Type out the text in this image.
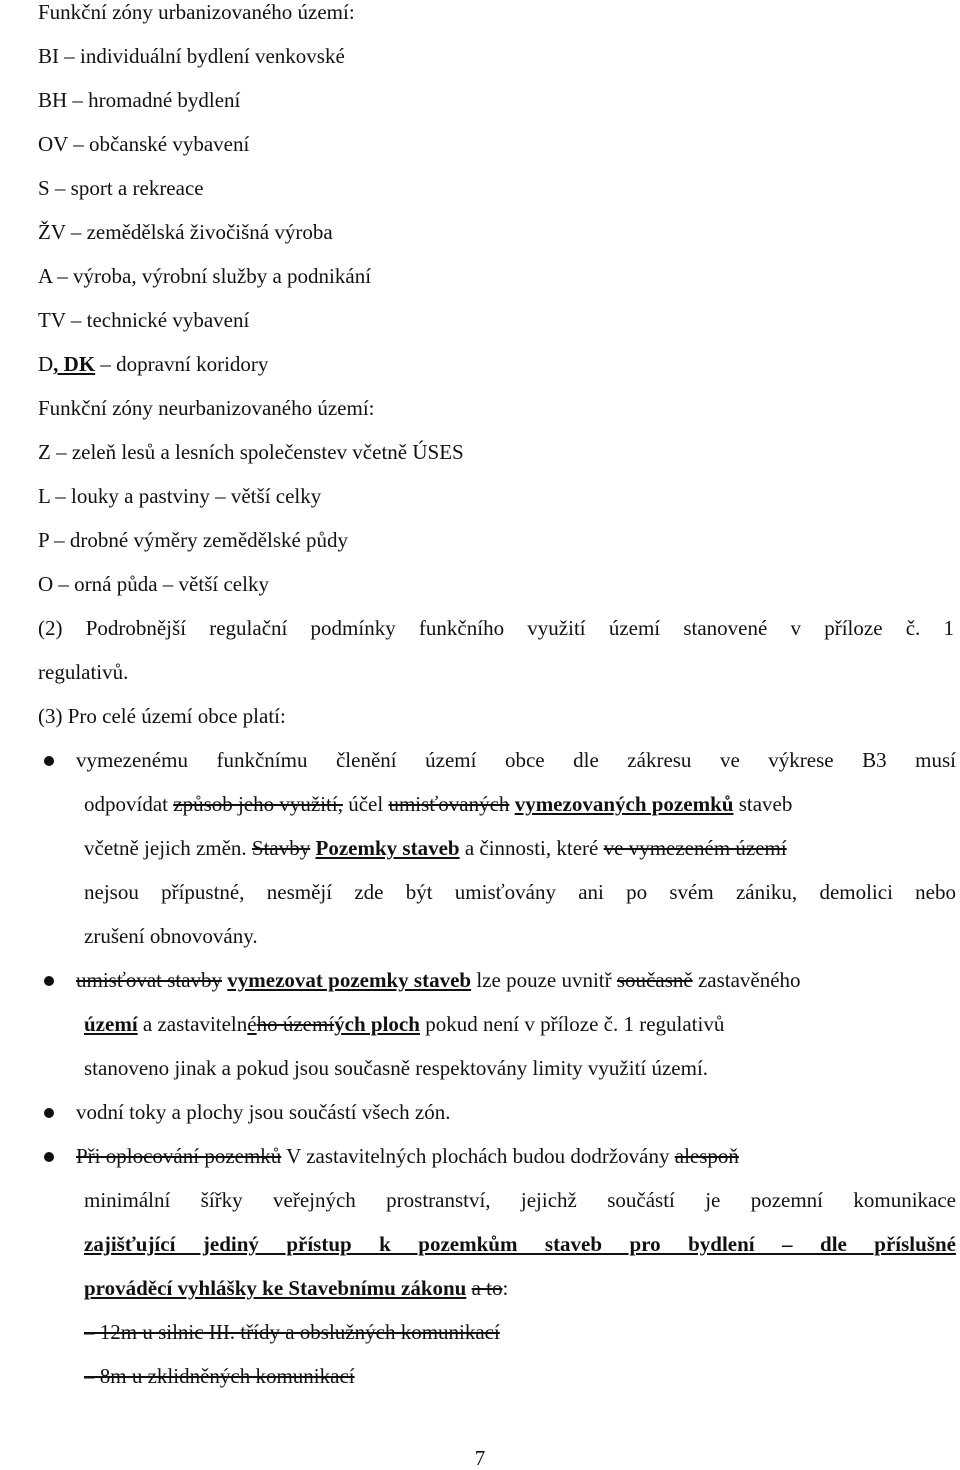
Funkční zóny urbanizovaného území:
BI – individuální bydlení venkovské
BH – hromadné bydlení
OV – občanské vybavení
S – sport a rekreace
ŽV – zemědělská živočišná výroba
A – výroba, výrobní služby a podnikání
TV – technické vybavení
D, DK – dopravní koridory
Funkční zóny neurbanizovaného území:
Z – zeleň lesů a lesních společenstev včetně ÚSES
L – louky a pastviny – větší celky
P – drobné výměry zemědělské půdy
O – orná půda – větší celky
(2) Podrobnější regulační podmínky funkčního využití území stanovené v příloze č. 1
regulativů.
(3) Pro celé území obce platí:
vymezenému funkčnímu členění území obce dle zákresu ve výkrese B3 musí
odpovídat způsob jeho využití, účel umisťovaných vymezovaných pozemků staveb
včetně jejich změn. Stavby Pozemky staveb a činnosti, které ve vymezeném území
nejsou přípustné, nesmějí zde být umisťovány ani po svém zániku, demolici nebo
zrušení obnovovány.
umisťovat stavby vymezovat pozemky staveb lze pouze uvnitř současně zastavěného
území a zastavitelného územíých ploch pokud není v příloze č. 1 regulativů
stanoveno jinak a pokud jsou současně respektovány limity využití území.
vodní toky a plochy jsou součástí všech zón.
Při oplocování pozemků V zastavitelných plochách budou dodržovány alespoň
minimální šířky veřejných prostranství, jejichž součástí je pozemní komunikace
zajišťující jediný přístup k pozemkům staveb pro bydlení – dle příslušné
prováděcí vyhlášky ke Stavebnímu zákonu a to:
– 12m u silnic III. třídy a obslužných komunikací
– 8m u zklidněných komunikací
7
